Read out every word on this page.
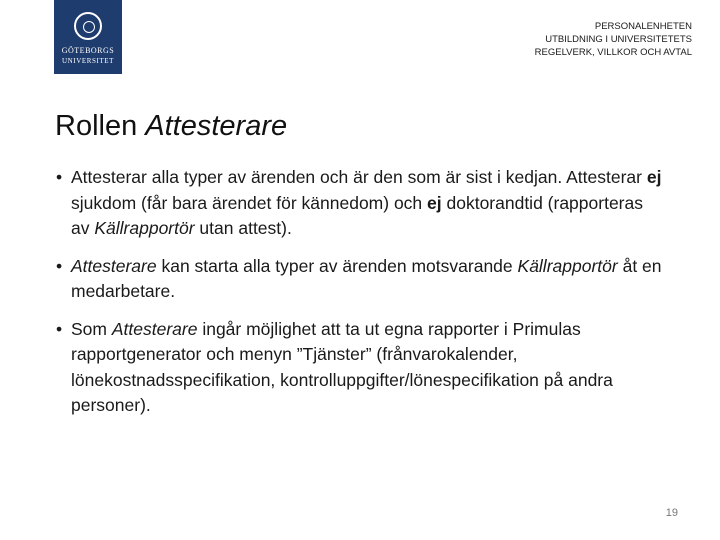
GÖTEBORGS
UNIVERSITET
PERSONALENHETEN
UTBILDNING I UNIVERSITETETS
REGELVERK, VILLKOR OCH AVTAL
Rollen Attesterare
• Attesterar alla typer av ärenden och är den som är sist i kedjan. Attesterar ej sjukdom (får bara ärendet för kännedom) och ej doktorandtid (rapporteras av Källrapportör utan attest).
• Attesterare kan starta alla typer av ärenden motsvarande Källrapportör åt en medarbetare.
• Som Attesterare ingår möjlighet att ta ut egna rapporter i Primulas rapportgenerator och menyn ”Tjänster” (frånvarokalender, lönekostnadsspecifikation, kontrolluppgifter/lönespecifikation på andra personer).
19
